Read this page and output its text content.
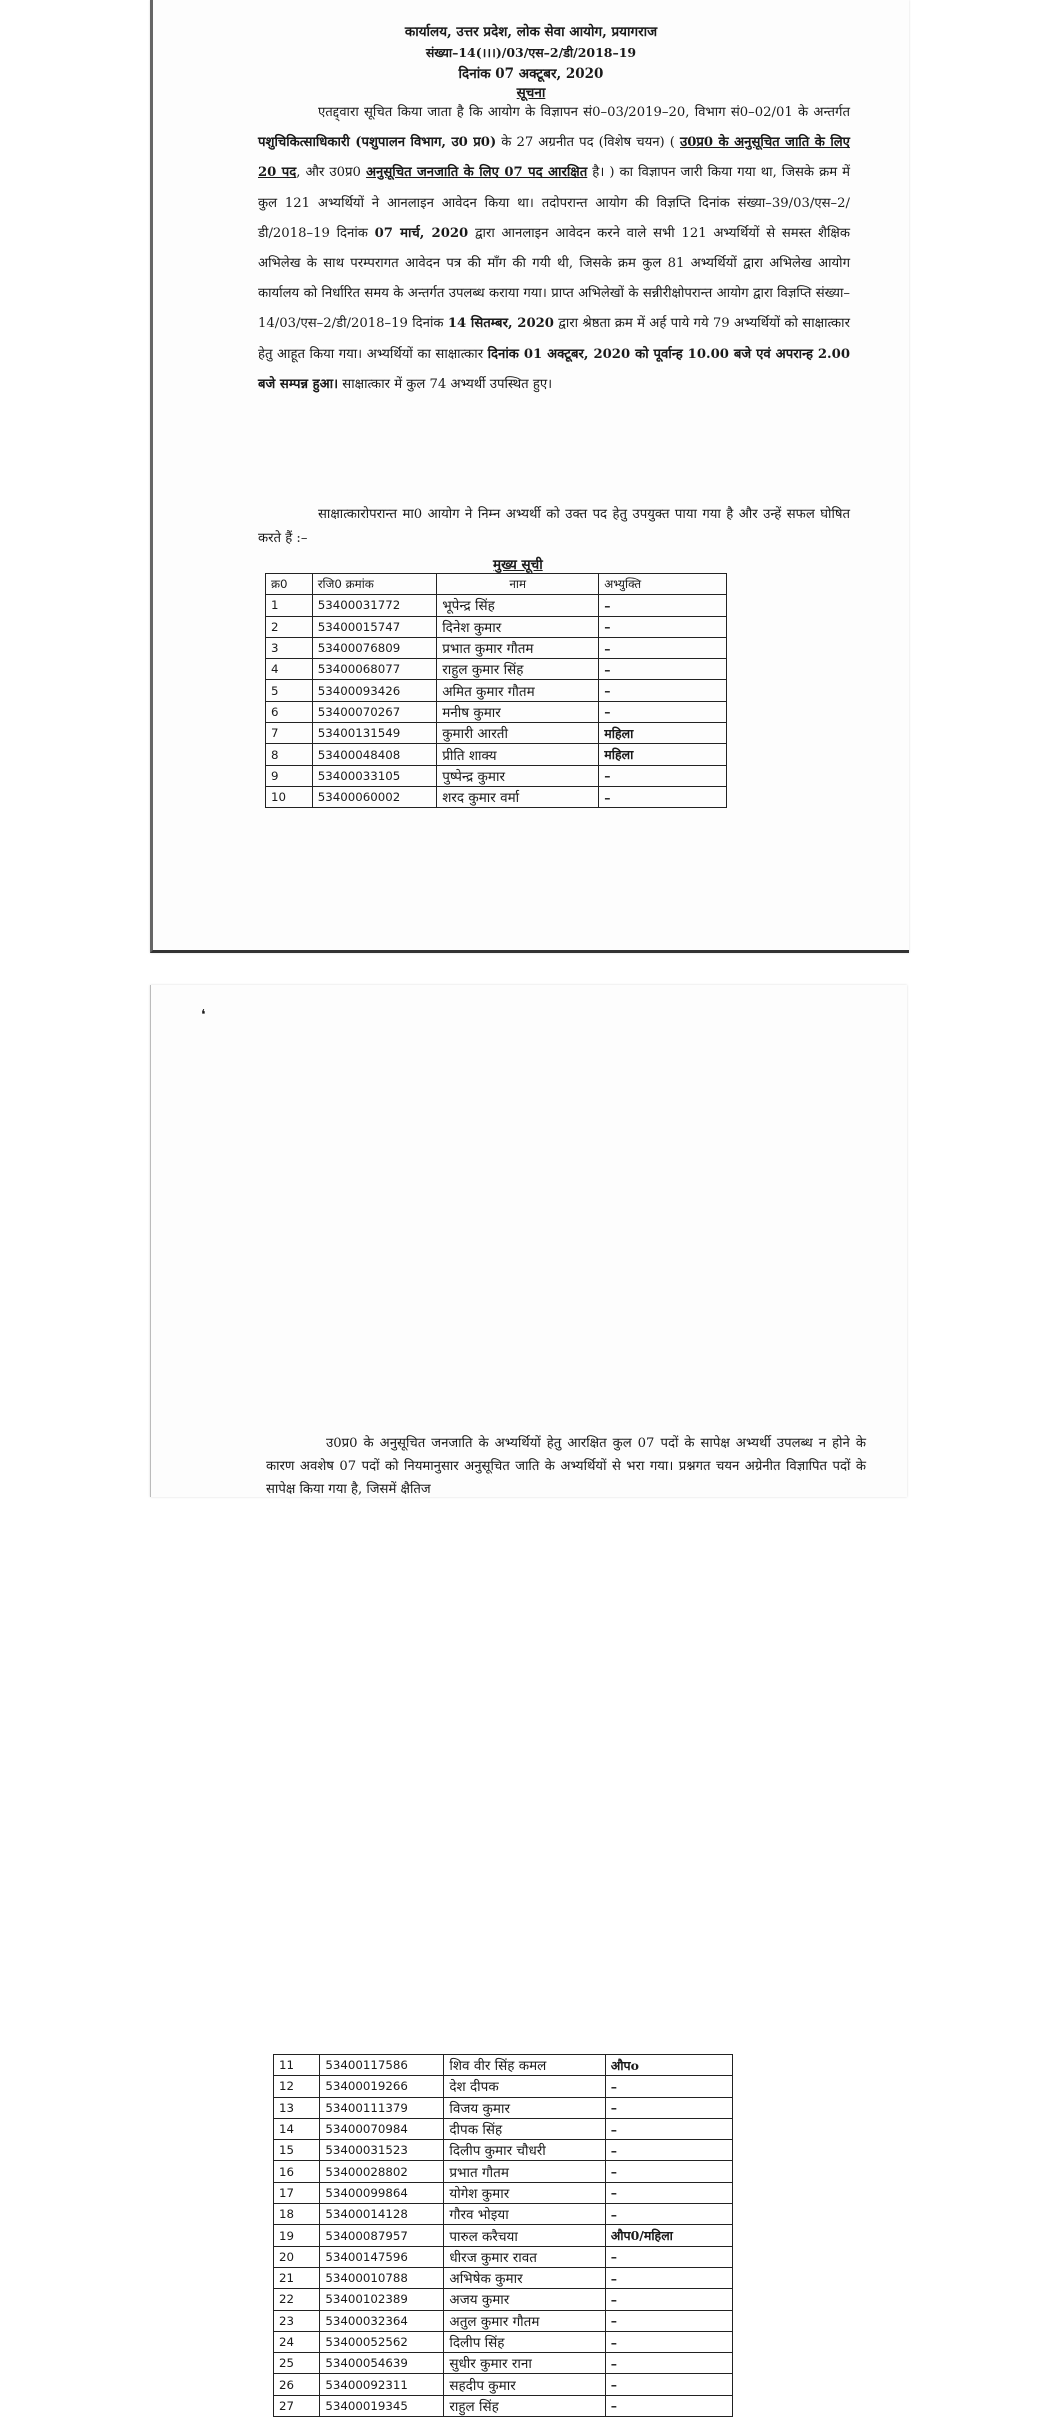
कार्यालय, उत्तर प्रदेश, लोक सेवा आयोग, प्रयागराज
संख्या–14(।।।)/03/एस–2/डी/2018–19
दिनांक 07 अक्टूबर, 2020
सूचना
एतद्द्वारा सूचित किया जाता है कि आयोग के विज्ञापन सं0–03/2019–20, विभाग सं0–02/01 के अन्तर्गत पशुचिकित्साधिकारी (पशुपालन विभाग, उ0 प्र0) के 27 अग्रनीत पद (विशेष चयन) ( उ0प्र0 के अनुसूचित जाति के लिए 20 पद, और उ0प्र0 अनुसूचित जनजाति के लिए 07 पद आरक्षित है। ) का विज्ञापन जारी किया गया था, जिसके क्रम में कुल 121 अभ्यर्थियों ने आनलाइन आवेदन किया था। तदोपरान्त आयोग की विज्ञप्ति दिनांक संख्या–39/03/एस–2/डी/2018–19 दिनांक 07 मार्च, 2020 द्वारा आनलाइन आवेदन करने वाले सभी 121 अभ्यर्थियों से समस्त शैक्षिक अभिलेख के साथ परम्परागत आवेदन पत्र की माँग की गयी थी, जिसके क्रम कुल 81 अभ्यर्थियों द्वारा अभिलेख आयोग कार्यालय को निर्धारित समय के अन्तर्गत उपलब्ध कराया गया। प्राप्त अभिलेखों के सन्नीरीक्षोपरान्त आयोग द्वारा विज्ञप्ति संख्या–14/03/एस–2/डी/2018–19 दिनांक 14 सितम्बर, 2020 द्वारा श्रेष्ठता क्रम में अर्ह पाये गये 79 अभ्यर्थियों को साक्षात्कार हेतु आहूत किया गया। अभ्यर्थियों का साक्षात्कार दिनांक 01 अक्टूबर, 2020 को पूर्वान्ह 10.00 बजे एवं अपरान्ह 2.00 बजे सम्पन्न हुआ। साक्षात्कार में कुल 74 अभ्यर्थी उपस्थित हुए।
साक्षात्कारोपरान्त मा0 आयोग ने निम्न अभ्यर्थी को उक्त पद हेतु उपयुक्त पाया गया है और उन्हें सफल घोषित करते हैं :–
मुख्य सूची
क्र0	रजि0 क्रमांक	नाम	अभ्युक्ति
1	53400031772	भूपेन्द्र सिंह	–
2	53400015747	दिनेश कुमार	–
3	53400076809	प्रभात कुमार गौतम	–
4	53400068077	राहुल कुमार सिंह	–
5	53400093426	अमित कुमार गौतम	–
6	53400070267	मनीष कुमार	–
7	53400131549	कुमारी आरती	महिला
8	53400048408	प्रीति शाक्य	महिला
9	53400033105	पुष्पेन्द्र कुमार	–
10	53400060002	शरद कुमार वर्मा	–
❛
11	53400117586	शिव वीर सिंह कमल	औपo
12	53400019266	देश दीपक	–
13	53400111379	विजय कुमार	–
14	53400070984	दीपक सिंह	–
15	53400031523	दिलीप कुमार चौधरी	–
16	53400028802	प्रभात गौतम	–
17	53400099864	योगेश कुमार	–
18	53400014128	गौरव भोइया	–
19	53400087957	पारुल करैचया	औप0/महिला
20	53400147596	धीरज कुमार रावत	–
21	53400010788	अभिषेक कुमार	–
22	53400102389	अजय कुमार	–
23	53400032364	अतुल कुमार गौतम	–
24	53400052562	दिलीप सिंह	–
25	53400054639	सुधीर कुमार राना	–
26	53400092311	सहदीप कुमार	–
27	53400019345	राहुल सिंह	–
उ0प्र0 के अनुसूचित जनजाति के अभ्यर्थियों हेतु आरक्षित कुल 07 पदों के सापेक्ष अभ्यर्थी उपलब्ध न होने के कारण अवशेष 07 पदों को नियमानुसार अनुसूचित जाति के अभ्यर्थियों से भरा गया। प्रश्नगत चयन अग्रेनीत विज्ञापित पदों के सापेक्ष किया गया है, जिसमें क्षैतिज
